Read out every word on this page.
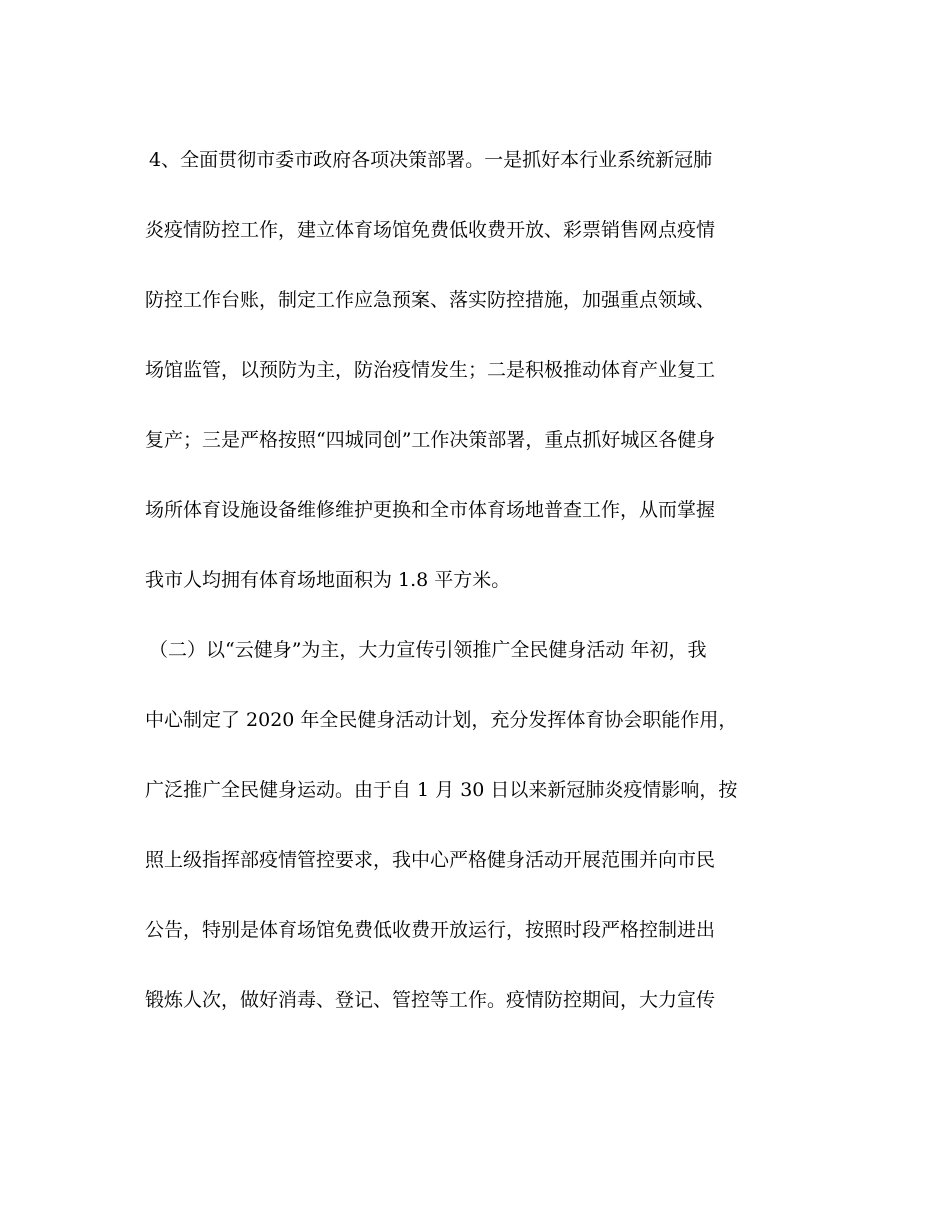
4、全面贯彻市委市政府各项决策部署。一是抓好本行业系统新冠肺
炎疫情防控工作，建立体育场馆免费低收费开放、彩票销售网点疫情
防控工作台账，制定工作应急预案、落实防控措施，加强重点领域、
场馆监管，以预防为主，防治疫情发生；二是积极推动体育产业复工
复产；三是严格按照“四城同创”工作决策部署，重点抓好城区各健身
场所体育设施设备维修维护更换和全市体育场地普查工作，从而掌握
我市人均拥有体育场地面积为 1.8 平方米。
（二）以“云健身”为主，大力宣传引领推广全民健身活动 年初，我
中心制定了 2020 年全民健身活动计划，充分发挥体育协会职能作用，
广泛推广全民健身运动。由于自 1 月 30 日以来新冠肺炎疫情影响，按
照上级指挥部疫情管控要求，我中心严格健身活动开展范围并向市民
公告，特别是体育场馆免费低收费开放运行，按照时段严格控制进出
锻炼人次，做好消毒、登记、管控等工作。疫情防控期间，大力宣传
